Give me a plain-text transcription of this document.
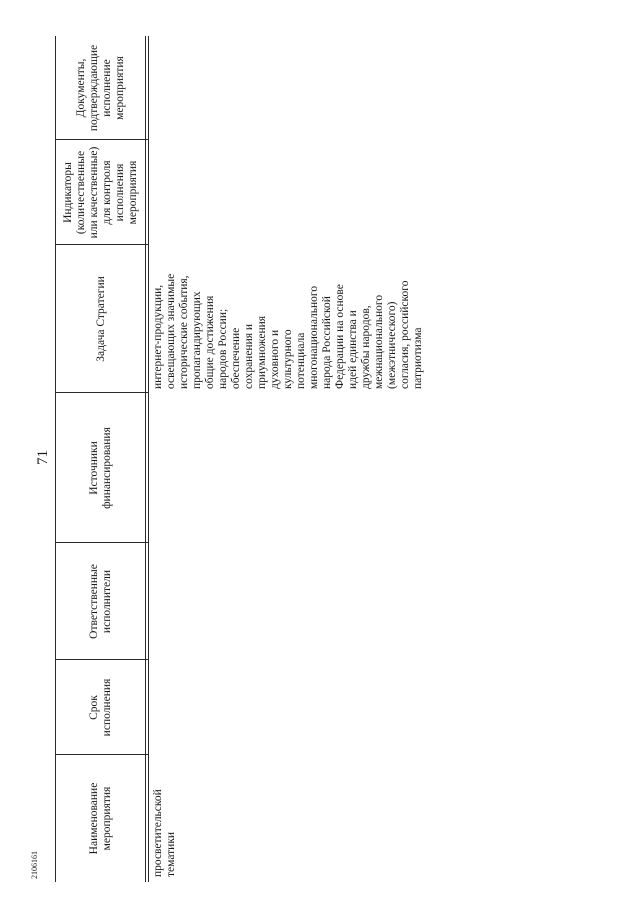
2106161
71
Наименование
мероприятия
Срок
исполнения
Ответственные
исполнители
Источники
финансирования
Задача Стратегии
Индикаторы
(количественные
или качественные)
для контроля
исполнения
мероприятия
Документы,
подтверждающие
исполнение
мероприятия
просветительской
тематики
интернет-продукции,
освещающих значимые
исторические события,
пропагандирующих
общие достижения
народов России;
обеспечение
сохранения и
приумножения
духовного и
культурного
потенциала
многонационального
народа Российской
Федерации на основе
идей единства и
дружбы народов,
межнационального
(межэтнического)
согласия, российского
патриотизма
